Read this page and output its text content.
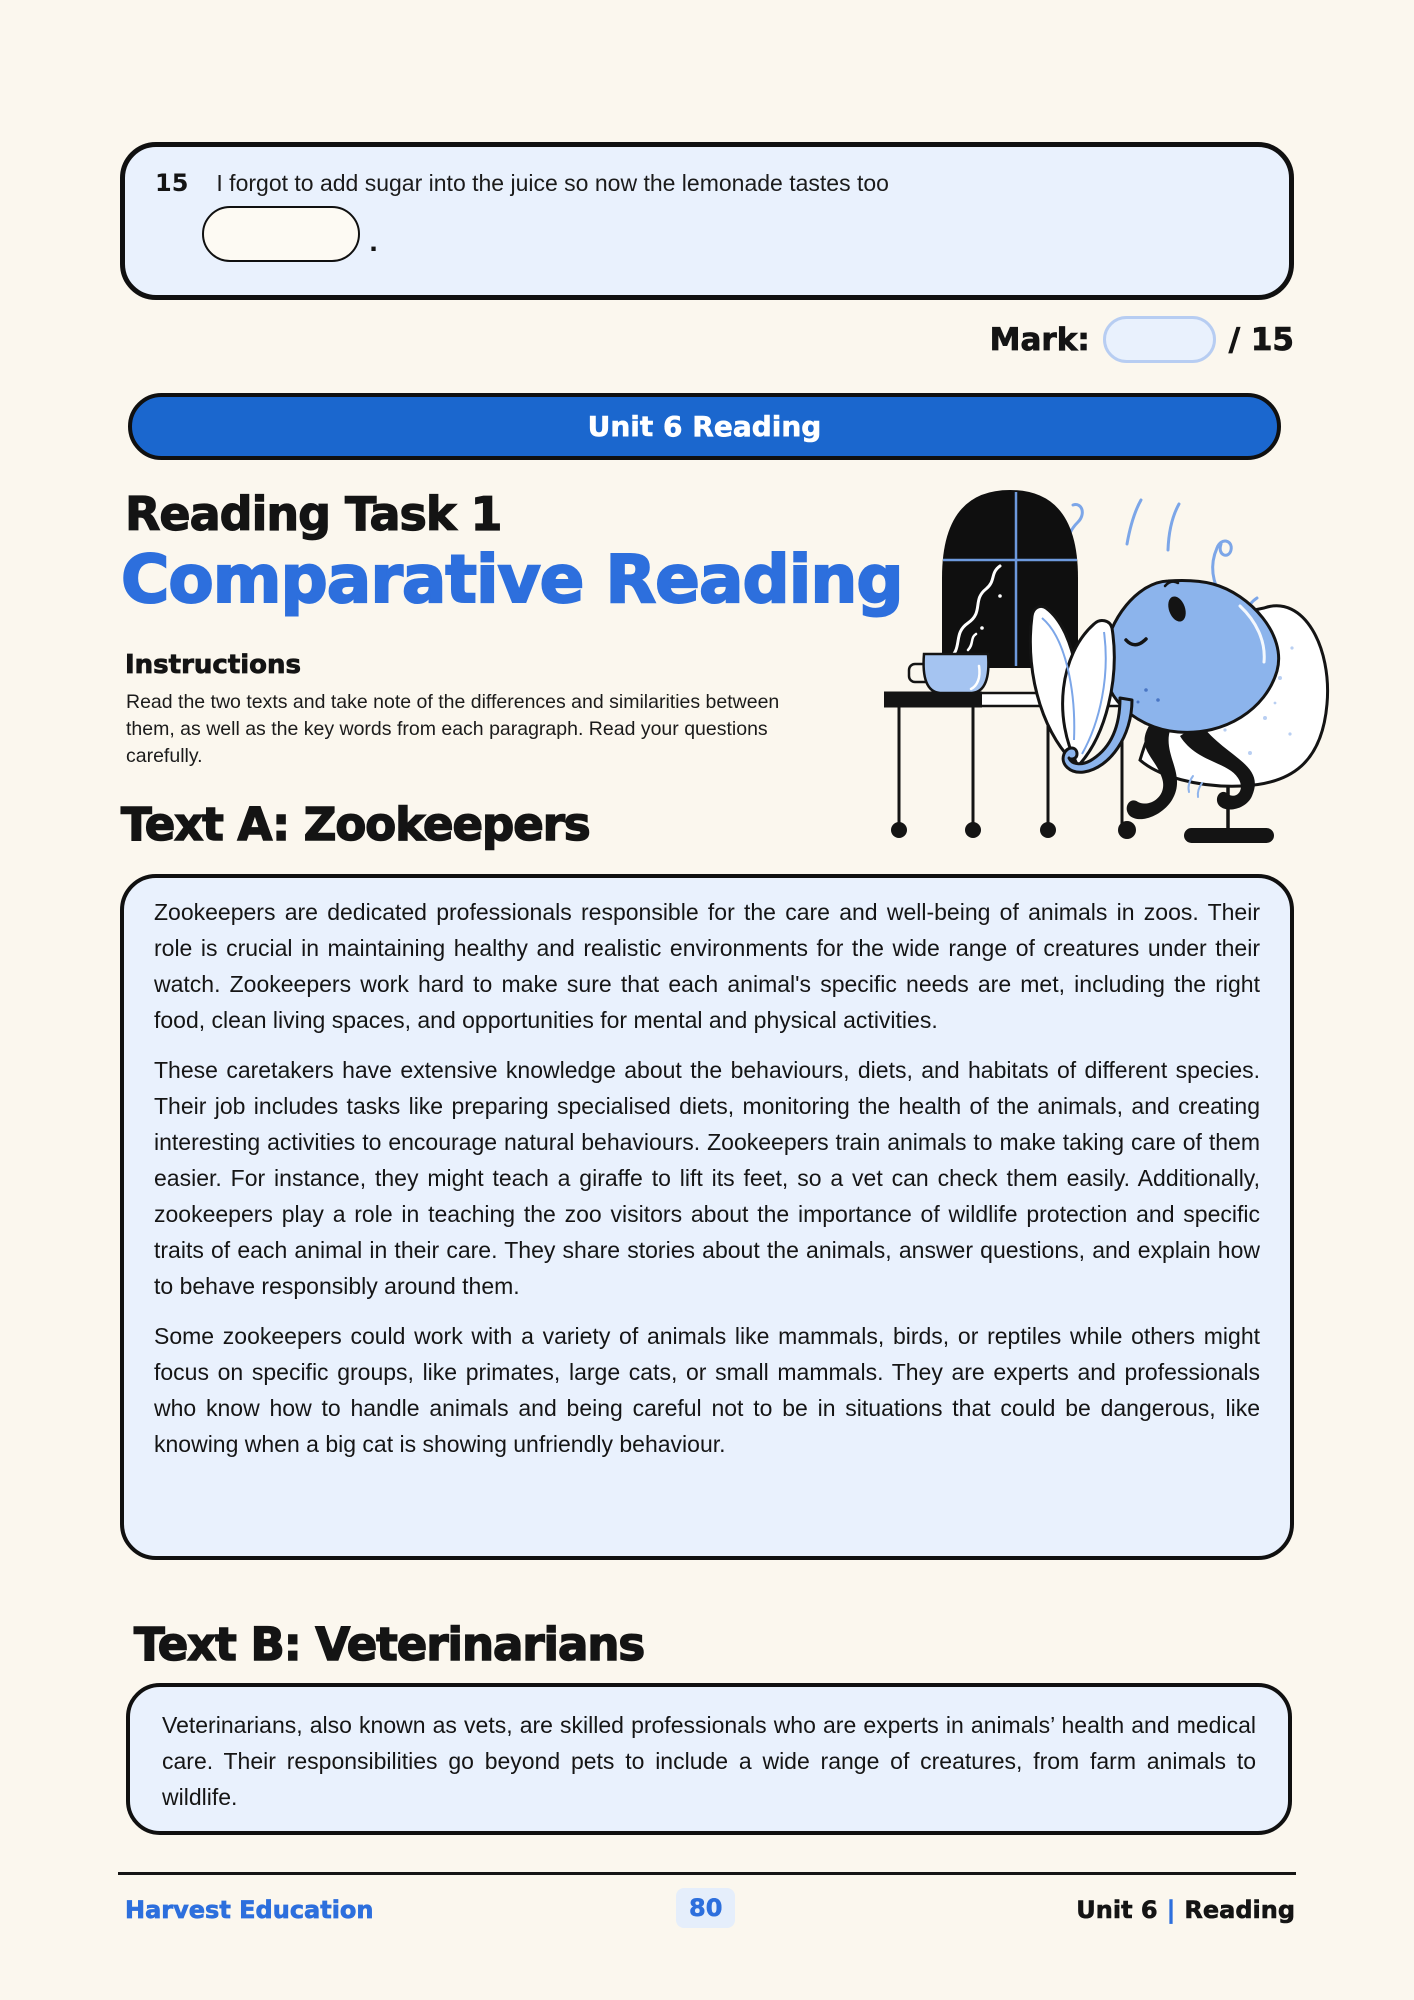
15 I forgot to add sugar into the juice so now the lemonade tastes too
.
Mark:	/ 15
Unit 6 Reading
Reading Task 1
Comparative Reading
Instructions
Read the two texts and take note of the differences and similarities between them, as well as the key words from each paragraph. Read your questions carefully.
Text A: Zookeepers

Zookeepers are dedicated professionals responsible for the care and well-being of animals in zoos. Their role is crucial in maintaining healthy and realistic environments for the wide range of creatures under their watch. Zookeepers work hard to make sure that each animal's specific needs are met, including the right food, clean living spaces, and opportunities for mental and physical activities.

These caretakers have extensive knowledge about the behaviours, diets, and habitats of different species. Their job includes tasks like preparing specialised diets, monitoring the health of the animals, and creating interesting activities to encourage natural behaviours. Zookeepers train animals to make taking care of them easier. For instance, they might teach a giraffe to lift its feet, so a vet can check them easily. Additionally, zookeepers play a role in teaching the zoo visitors about the importance of wildlife protection and specific traits of each animal in their care. They share stories about the animals, answer questions, and explain how to behave responsibly around them.

Some zookeepers could work with a variety of animals like mammals, birds, or reptiles while others might focus on specific groups, like primates, large cats, or small mammals. They are experts and professionals who know how to handle animals and being careful not to be in situations that could be dangerous, like knowing when a big cat is showing unfriendly behaviour.

Text B: Veterinarians

Veterinarians, also known as vets, are skilled professionals who are experts in animals’ health and medical care. Their responsibilities go beyond pets to include a wide range of creatures, from farm animals to wildlife.

Harvest Education	80	Unit 6 | Reading
